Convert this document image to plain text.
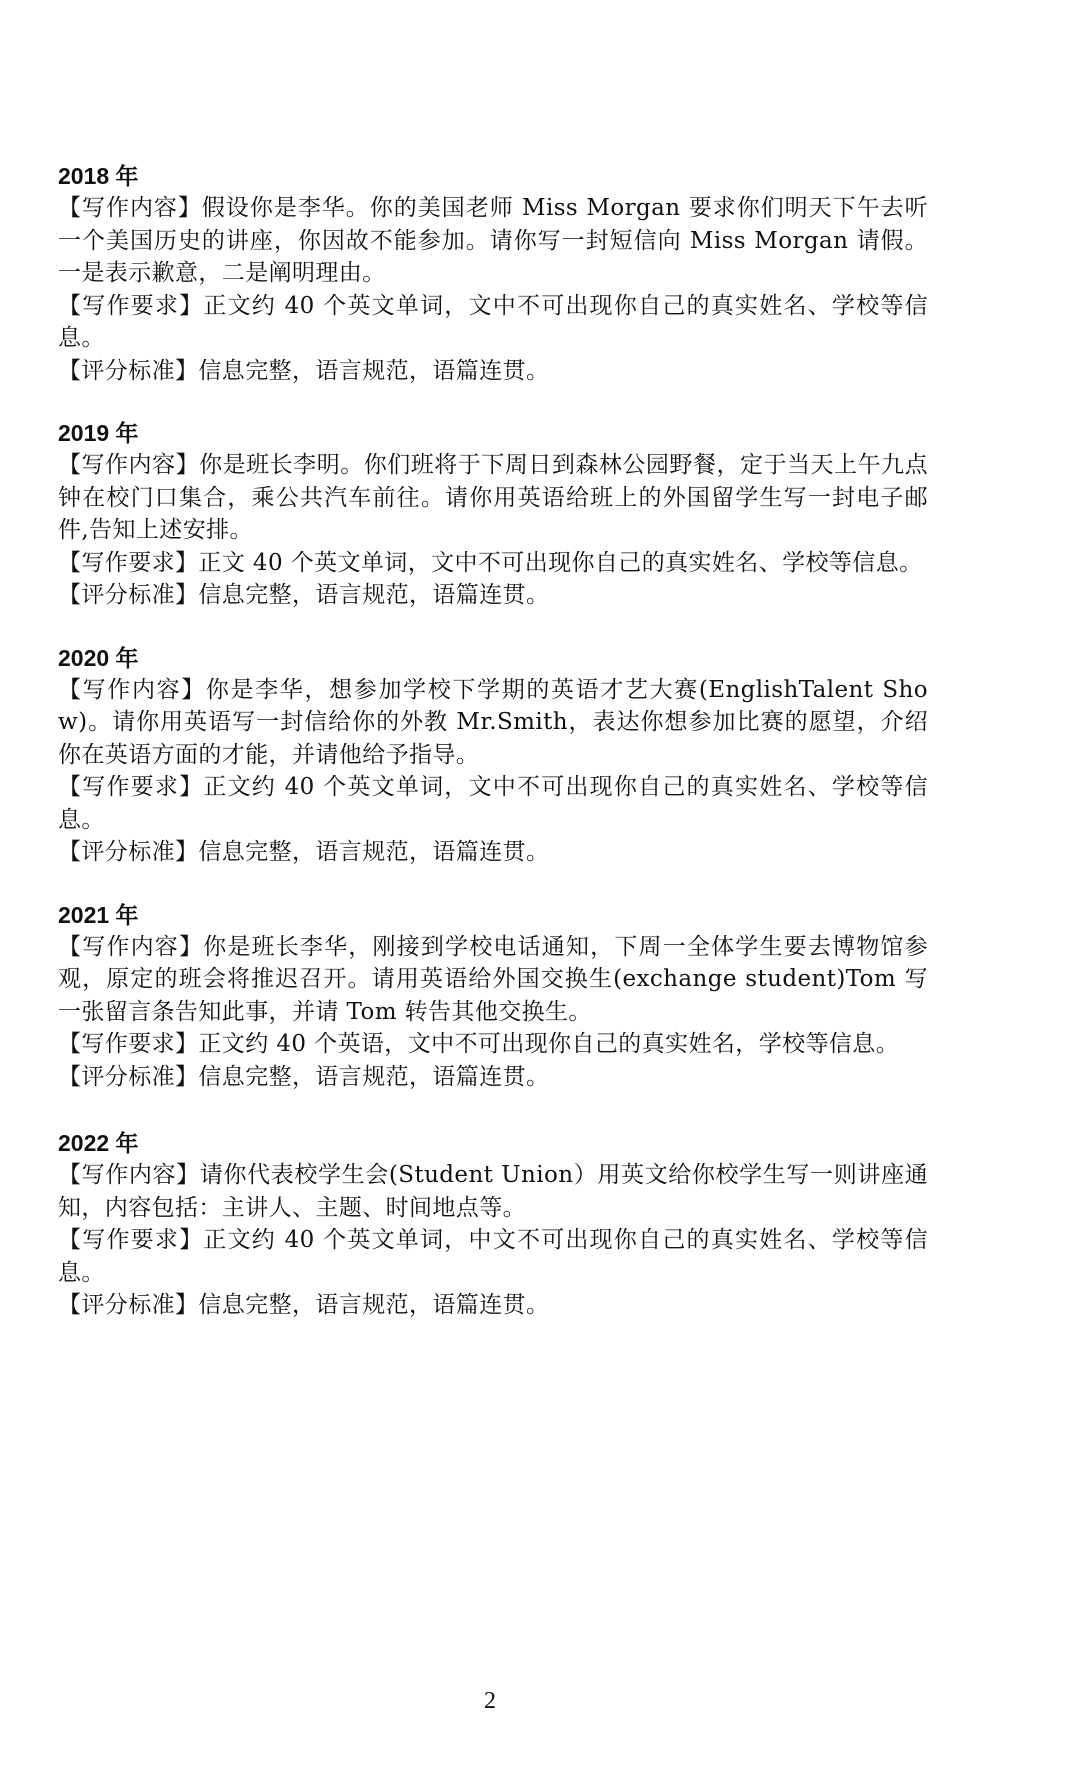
2018 年

【写作内容】假设你是李华。你的美国老师 Miss Morgan 要求你们明天下午去听一个美国历史的讲座，你因故不能参加。请你写一封短信向 Miss Morgan 请假。一是表示歉意，二是阐明理由。

【写作要求】正文约 40 个英文单词，文中不可出现你自己的真实姓名、学校等信息。

【评分标准】信息完整，语言规范，语篇连贯。

2019 年

【写作内容】你是班长李明。你们班将于下周日到森林公园野餐，定于当天上午九点钟在校门口集合，乘公共汽车前往。请你用英语给班上的外国留学生写一封电子邮件,告知上述安排。

【写作要求】正文 40 个英文单词，文中不可出现你自己的真实姓名、学校等信息。

【评分标准】信息完整，语言规范，语篇连贯。

2020 年

【写作内容】你是李华，想参加学校下学期的英语才艺大赛(EnglishTalent Show)。请你用英语写一封信给你的外教 Mr.Smith，表达你想参加比赛的愿望，介绍你在英语方面的才能，并请他给予指导。

【写作要求】正文约 40 个英文单词，文中不可出现你自己的真实姓名、学校等信息。

【评分标准】信息完整，语言规范，语篇连贯。

2021 年

【写作内容】你是班长李华，刚接到学校电话通知，下周一全体学生要去博物馆参观，原定的班会将推迟召开。请用英语给外国交换生(exchange student)Tom 写一张留言条告知此事，并请 Tom 转告其他交换生。

【写作要求】正文约 40 个英语，文中不可出现你自己的真实姓名，学校等信息。

【评分标准】信息完整，语言规范，语篇连贯。

2022 年

【写作内容】请你代表校学生会(Student Union）用英文给你校学生写一则讲座通知，内容包括：主讲人、主题、时间地点等。

【写作要求】正文约 40 个英文单词，中文不可出现你自己的真实姓名、学校等信息。

【评分标准】信息完整，语言规范，语篇连贯。

2
